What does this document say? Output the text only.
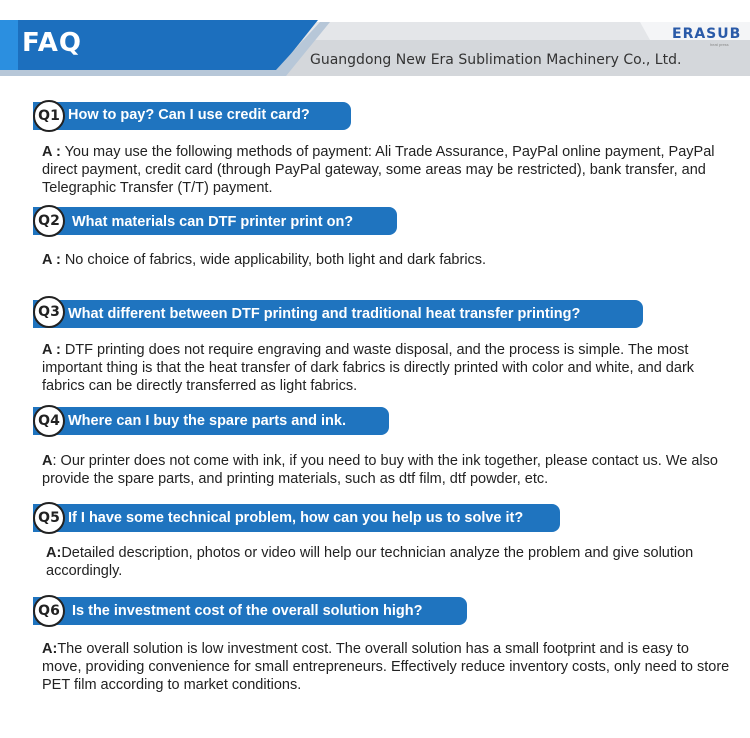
FAQ
Guangdong New Era Sublimation Machinery Co., Ltd.
ERASUB
heat press
Q1 How to pay? Can I use credit card?
A : You may use the following methods of payment: Ali Trade Assurance, PayPal online payment, PayPal direct payment, credit card (through PayPal gateway, some areas may be restricted), bank transfer, and Telegraphic Transfer (T/T) payment.
Q2 What materials can DTF printer print on?
A : No choice of fabrics, wide applicability, both light and dark fabrics.
Q3 What different between DTF printing and traditional heat transfer printing?
A : DTF printing does not require engraving and waste disposal, and the process is simple. The most important thing is that the heat transfer of dark fabrics is directly printed with color and white, and dark fabrics can be directly transferred as light fabrics.
Q4 Where can I buy the spare parts and ink.
A: Our printer does not come with ink, if you need to buy with the ink together, please contact us. We also provide the spare parts, and printing materials, such as dtf film, dtf powder, etc.
Q5 If I have some technical problem, how can you help us to solve it?
A:Detailed description, photos or video will help our technician analyze the problem and give solution accordingly.
Q6 Is the investment cost of the overall solution high?
A:The overall solution is low investment cost. The overall solution has a small footprint and is easy to move, providing convenience for small entrepreneurs. Effectively reduce inventory costs, only need to store PET film according to market conditions.
